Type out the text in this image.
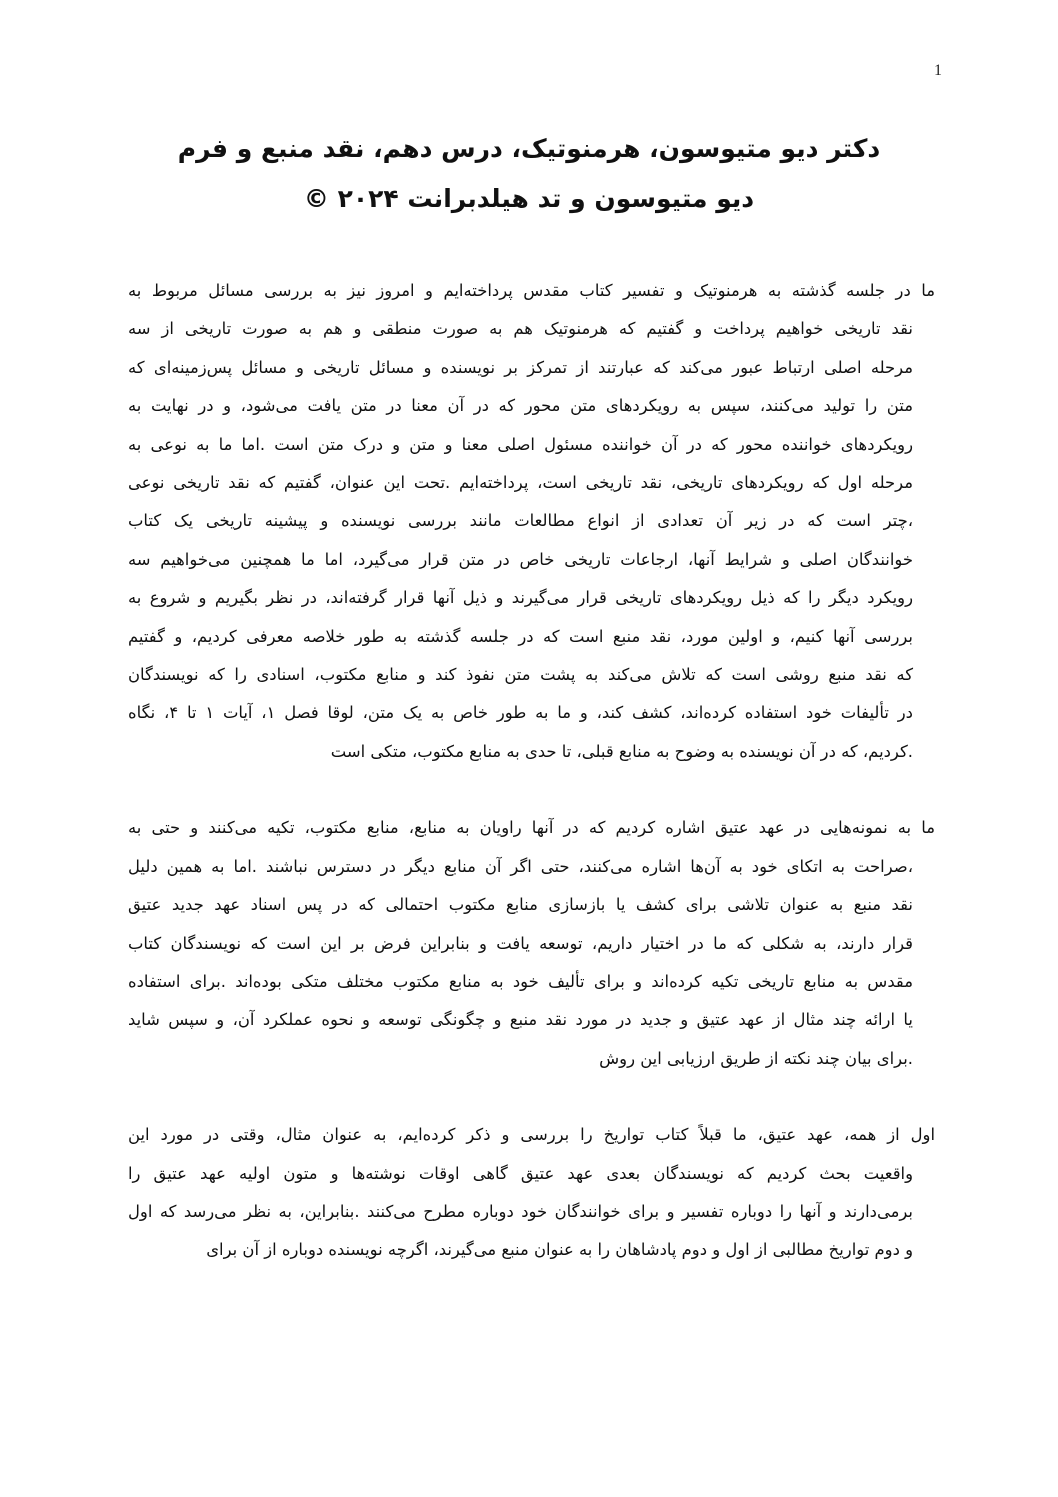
1
دکتر دیو متیوسون، هرمنوتیک، درس دهم، نقد منبع و فرم
دیو متیوسون و تد هیلدبرانت ۲۰۲۴ ©
ما در جلسه گذشته به هرمنوتیک و تفسیر کتاب مقدس پرداخته‌ایم و امروز نیز به بررسی مسائل مربوط به
نقد تاریخی خواهیم پرداخت و گفتیم که هرمنوتیک هم به صورت منطقی و هم به صورت تاریخی از سه
مرحله اصلی ارتباط عبور می‌کند که عبارتند از تمرکز بر نویسنده و مسائل تاریخی و مسائل پس‌زمینه‌ای که
متن را تولید می‌کنند، سپس به رویکردهای متن محور که در آن معنا در متن یافت می‌شود، و در نهایت به
رویکردهای خواننده محور که در آن خواننده مسئول اصلی معنا و متن و درک متن است .اما ما به نوعی به
مرحله اول که رویکردهای تاریخی، نقد تاریخی است، پرداخته‌ایم .تحت این عنوان، گفتیم که نقد تاریخی نوعی
،چتر است که در زیر آن تعدادی از انواع مطالعات مانند بررسی نویسنده و پیشینه تاریخی یک کتاب
خوانندگان اصلی و شرایط آنها، ارجاعات تاریخی خاص در متن قرار می‌گیرد، اما ما همچنین می‌خواهیم سه
رویکرد دیگر را که ذیل رویکردهای تاریخی قرار می‌گیرند و ذیل آنها قرار گرفته‌اند، در نظر بگیریم و شروع به
بررسی آنها کنیم، و اولین مورد، نقد منبع است که در جلسه گذشته به طور خلاصه معرفی کردیم، و گفتیم
که نقد منبع روشی است که تلاش می‌کند به پشت متن نفوذ کند و منابع مکتوب، اسنادی را که نویسندگان
در تألیفات خود استفاده کرده‌اند، کشف کند، و ما به طور خاص به یک متن، لوقا فصل ۱، آیات ۱ تا ۴، نگاه
.کردیم، که در آن نویسنده به وضوح به منابع قبلی، تا حدی به منابع مکتوب، متکی است
ما به نمونه‌هایی در عهد عتیق اشاره کردیم که در آنها راویان به منابع، منابع مکتوب، تکیه می‌کنند و حتی به
،صراحت به اتکای خود به آن‌ها اشاره می‌کنند، حتی اگر آن منابع دیگر در دسترس نباشند .اما به همین دلیل
نقد منبع به عنوان تلاشی برای کشف یا بازسازی منابع مکتوب احتمالی که در پس اسناد عهد جدید عتیق
قرار دارند، به شکلی که ما در اختیار داریم، توسعه یافت و بنابراین فرض بر این است که نویسندگان کتاب
مقدس به منابع تاریخی تکیه کرده‌اند و برای تألیف خود به منابع مکتوب مختلف متکی بوده‌اند .برای استفاده
یا ارائه چند مثال از عهد عتیق و جدید در مورد نقد منبع و چگونگی توسعه و نحوه عملکرد آن، و سپس شاید
.برای بیان چند نکته از طریق ارزیابی این روش
اول از همه، عهد عتیق، ما قبلاً کتاب تواریخ را بررسی و ذکر کرده‌ایم، به عنوان مثال، وقتی در مورد این
واقعیت بحث کردیم که نویسندگان بعدی عهد عتیق گاهی اوقات نوشته‌ها و متون اولیه عهد عتیق را
برمی‌دارند و آنها را دوباره تفسیر و برای خوانندگان خود دوباره مطرح می‌کنند .بنابراین، به نظر می‌رسد که اول
و دوم تواریخ مطالبی از اول و دوم پادشاهان را به عنوان منبع می‌گیرند، اگرچه نویسنده دوباره از آن برای
